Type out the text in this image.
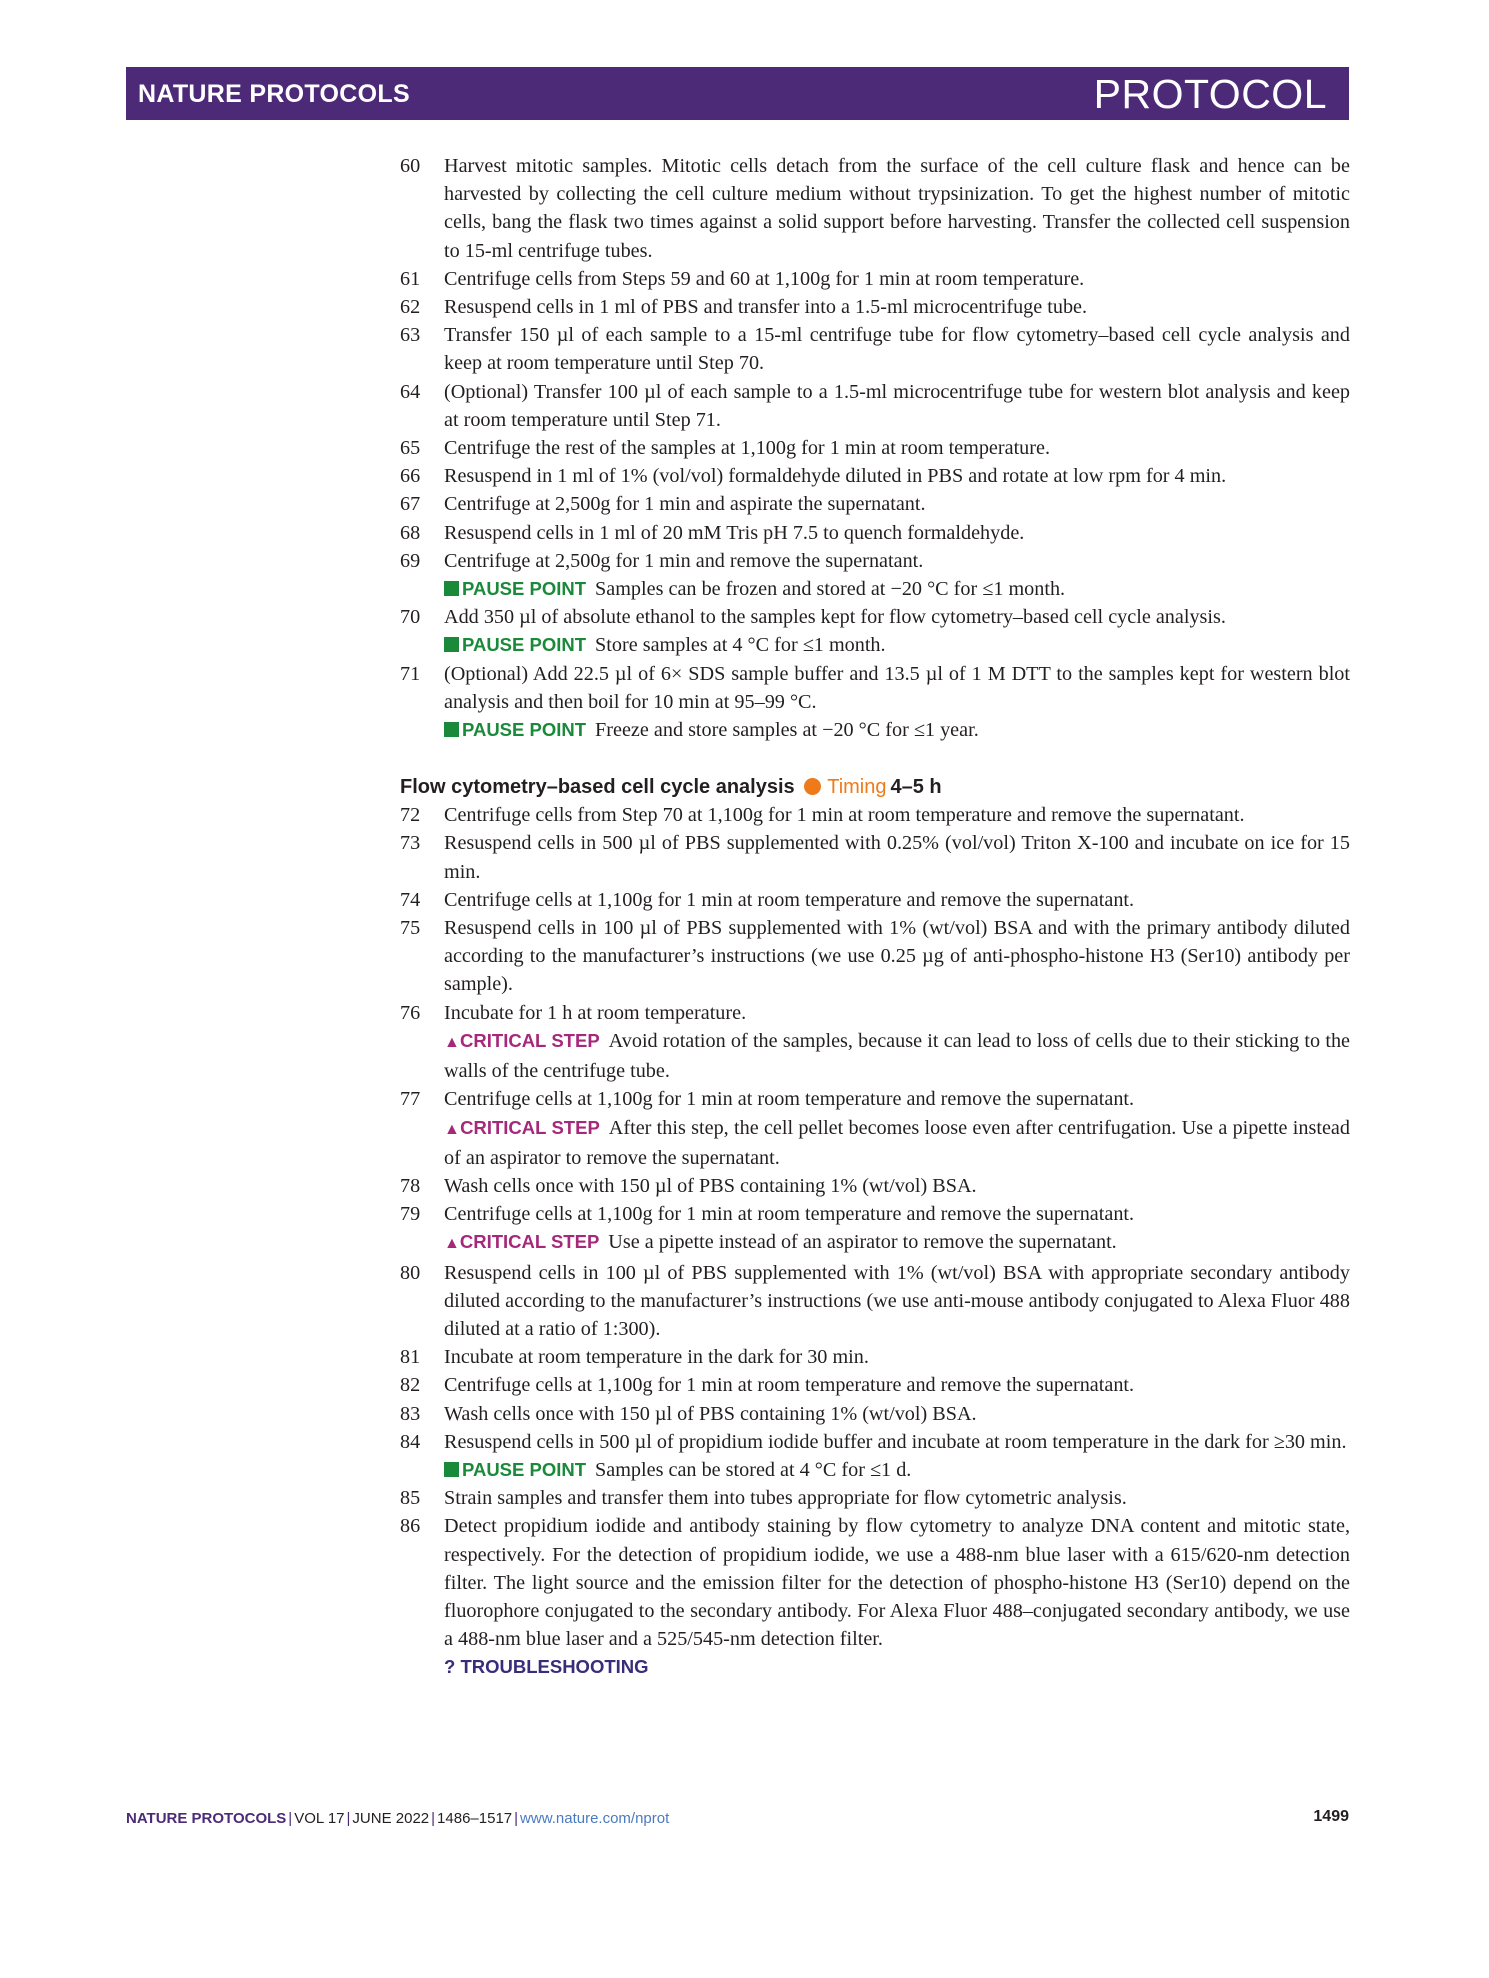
NATURE PROTOCOLS	PROTOCOL
60 Harvest mitotic samples. Mitotic cells detach from the surface of the cell culture flask and hence can be harvested by collecting the cell culture medium without trypsinization. To get the highest number of mitotic cells, bang the flask two times against a solid support before harvesting. Transfer the collected cell suspension to 15-ml centrifuge tubes.
61 Centrifuge cells from Steps 59 and 60 at 1,100g for 1 min at room temperature.
62 Resuspend cells in 1 ml of PBS and transfer into a 1.5-ml microcentrifuge tube.
63 Transfer 150 µl of each sample to a 15-ml centrifuge tube for flow cytometry–based cell cycle analysis and keep at room temperature until Step 70.
64 (Optional) Transfer 100 µl of each sample to a 1.5-ml microcentrifuge tube for western blot analysis and keep at room temperature until Step 71.
65 Centrifuge the rest of the samples at 1,100g for 1 min at room temperature.
66 Resuspend in 1 ml of 1% (vol/vol) formaldehyde diluted in PBS and rotate at low rpm for 4 min.
67 Centrifuge at 2,500g for 1 min and aspirate the supernatant.
68 Resuspend cells in 1 ml of 20 mM Tris pH 7.5 to quench formaldehyde.
69 Centrifuge at 2,500g for 1 min and remove the supernatant.
PAUSE POINT Samples can be frozen and stored at −20 °C for ≤1 month.
70 Add 350 µl of absolute ethanol to the samples kept for flow cytometry–based cell cycle analysis.
PAUSE POINT Store samples at 4 °C for ≤1 month.
71 (Optional) Add 22.5 µl of 6× SDS sample buffer and 13.5 µl of 1 M DTT to the samples kept for western blot analysis and then boil for 10 min at 95–99 °C.
PAUSE POINT Freeze and store samples at −20 °C for ≤1 year.
Flow cytometry–based cell cycle analysis Timing 4–5 h
72 Centrifuge cells from Step 70 at 1,100g for 1 min at room temperature and remove the supernatant.
73 Resuspend cells in 500 µl of PBS supplemented with 0.25% (vol/vol) Triton X-100 and incubate on ice for 15 min.
74 Centrifuge cells at 1,100g for 1 min at room temperature and remove the supernatant.
75 Resuspend cells in 100 µl of PBS supplemented with 1% (wt/vol) BSA and with the primary antibody diluted according to the manufacturer’s instructions (we use 0.25 µg of anti-phospho-histone H3 (Ser10) antibody per sample).
76 Incubate for 1 h at room temperature.
▲CRITICAL STEP Avoid rotation of the samples, because it can lead to loss of cells due to their sticking to the walls of the centrifuge tube.
77 Centrifuge cells at 1,100g for 1 min at room temperature and remove the supernatant.
▲CRITICAL STEP After this step, the cell pellet becomes loose even after centrifugation. Use a pipette instead of an aspirator to remove the supernatant.
78 Wash cells once with 150 µl of PBS containing 1% (wt/vol) BSA.
79 Centrifuge cells at 1,100g for 1 min at room temperature and remove the supernatant.
▲CRITICAL STEP Use a pipette instead of an aspirator to remove the supernatant.
80 Resuspend cells in 100 µl of PBS supplemented with 1% (wt/vol) BSA with appropriate secondary antibody diluted according to the manufacturer’s instructions (we use anti-mouse antibody conjugated to Alexa Fluor 488 diluted at a ratio of 1:300).
81 Incubate at room temperature in the dark for 30 min.
82 Centrifuge cells at 1,100g for 1 min at room temperature and remove the supernatant.
83 Wash cells once with 150 µl of PBS containing 1% (wt/vol) BSA.
84 Resuspend cells in 500 µl of propidium iodide buffer and incubate at room temperature in the dark for ≥30 min.
PAUSE POINT Samples can be stored at 4 °C for ≤1 d.
85 Strain samples and transfer them into tubes appropriate for flow cytometric analysis.
86 Detect propidium iodide and antibody staining by flow cytometry to analyze DNA content and mitotic state, respectively. For the detection of propidium iodide, we use a 488-nm blue laser with a 615/620-nm detection filter. The light source and the emission filter for the detection of phospho-histone H3 (Ser10) depend on the fluorophore conjugated to the secondary antibody. For Alexa Fluor 488–conjugated secondary antibody, we use a 488-nm blue laser and a 525/545-nm detection filter.
? TROUBLESHOOTING
NATURE PROTOCOLS | VOL 17 | JUNE 2022 | 1486–1517 | www.nature.com/nprot	1499
